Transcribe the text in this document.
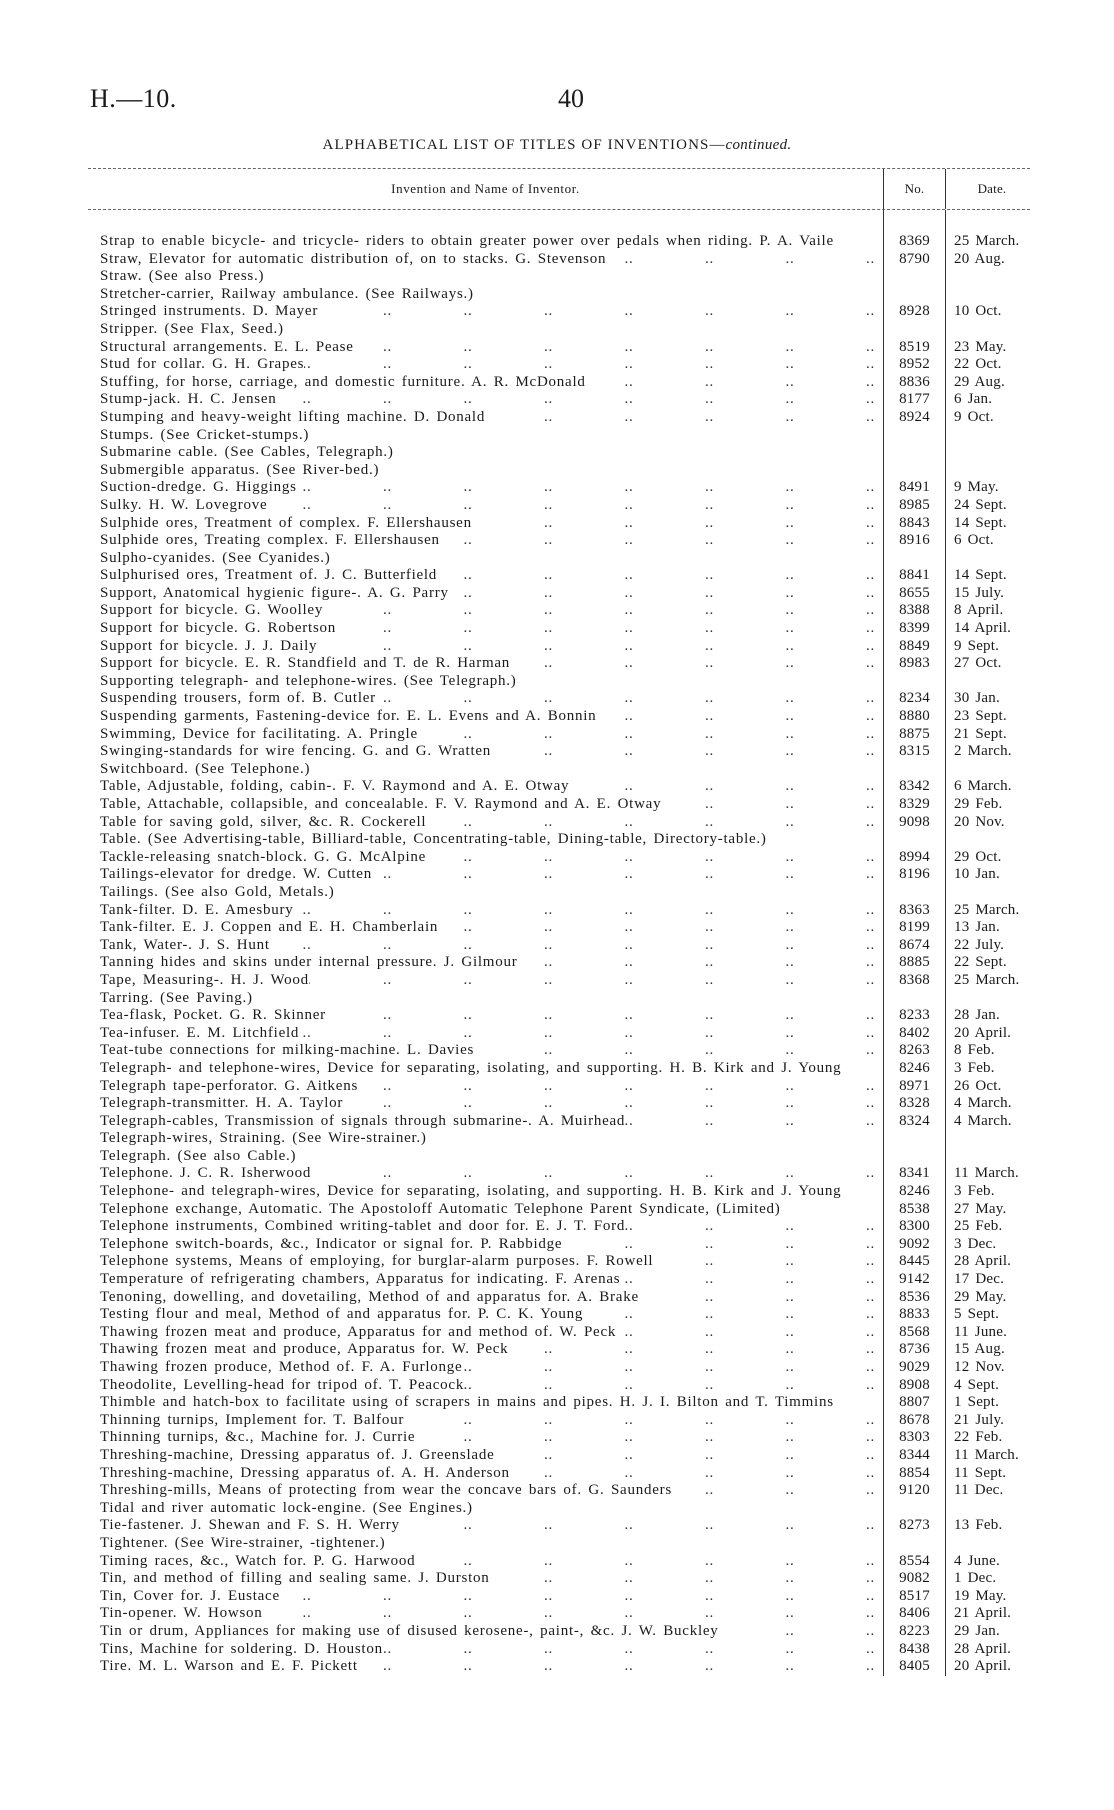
H.—10.	40
ALPHABETICAL LIST OF TITLES OF INVENTIONS—continued.
Invention and Name of Inventor.	No.	Date.
Strap to enable bicycle- and tricycle- riders to obtain greater power over pedals when riding. P. A. Vaile	8369	25 March.
Straw, Elevator for automatic distribution of, on to stacks. G. Stevenson ..	8790	20 Aug.
Straw. (See also Press.)
Stretcher-carrier, Railway ambulance. (See Railways.)
Stringed instruments. D. Mayer ..	8928	10 Oct.
Stripper. (See Flax, Seed.)
Structural arrangements. E. L. Pease ..	8519	23 May.
Stud for collar. G. H. Grapes ..	8952	22 Oct.
Stuffing, for horse, carriage, and domestic furniture. A. R. McDonald ..	8836	29 Aug.
Stump-jack. H. C. Jensen ..	8177	6 Jan.
Stumping and heavy-weight lifting machine. D. Donald ..	8924	9 Oct.
Stumps. (See Cricket-stumps.)
Submarine cable. (See Cables, Telegraph.)
Submergible apparatus. (See River-bed.)
Suction-dredge. G. Higgings ..	8491	9 May.
Sulky. H. W. Lovegrove ..	8985	24 Sept.
Sulphide ores, Treatment of complex. F. Ellershausen ..	8843	14 Sept.
Sulphide ores, Treating complex. F. Ellershausen ..	8916	6 Oct.
Sulpho-cyanides. (See Cyanides.)
Sulphurised ores, Treatment of. J. C. Butterfield ..	8841	14 Sept.
Support, Anatomical hygienic figure-. A. G. Parry ..	8655	15 July.
Support for bicycle. G. Woolley ..	8388	8 April.
Support for bicycle. G. Robertson ..	8399	14 April.
Support for bicycle. J. J. Daily ..	8849	9 Sept.
Support for bicycle. E. R. Standfield and T. de R. Harman ..	8983	27 Oct.
Supporting telegraph- and telephone-wires. (See Telegraph.)
Suspending trousers, form of. B. Cutler ..	8234	30 Jan.
Suspending garments, Fastening-device for. E. L. Evens and A. Bonnin ..	8880	23 Sept.
Swimming, Device for facilitating. A. Pringle ..	8875	21 Sept.
Swinging-standards for wire fencing. G. and G. Wratten ..	8315	2 March.
Switchboard. (See Telephone.)
Table, Adjustable, folding, cabin-. F. V. Raymond and A. E. Otway ..	8342	6 March.
Table, Attachable, collapsible, and concealable. F. V. Raymond and A. E. Otway ..	8329	29 Feb.
Table for saving gold, silver, &c. R. Cockerell ..	9098	20 Nov.
Table. (See Advertising-table, Billiard-table, Concentrating-table, Dining-table, Directory-table.)
Tackle-releasing snatch-block. G. G. McAlpine ..	8994	29 Oct.
Tailings-elevator for dredge. W. Cutten ..	8196	10 Jan.
Tailings. (See also Gold, Metals.)
Tank-filter. D. E. Amesbury ..	8363	25 March.
Tank-filter. E. J. Coppen and E. H. Chamberlain ..	8199	13 Jan.
Tank, Water-. J. S. Hunt ..	8674	22 July.
Tanning hides and skins under internal pressure. J. Gilmour ..	8885	22 Sept.
Tape, Measuring-. H. J. Wood ..	8368	25 March.
Tarring. (See Paving.)
Tea-flask, Pocket. G. R. Skinner ..	8233	28 Jan.
Tea-infuser. E. M. Litchfield ..	8402	20 April.
Teat-tube connections for milking-machine. L. Davies ..	8263	8 Feb.
Telegraph- and telephone-wires, Device for separating, isolating, and supporting. H. B. Kirk and J. Young	8246	3 Feb.
Telegraph tape-perforator. G. Aitkens ..	8971	26 Oct.
Telegraph-transmitter. H. A. Taylor ..	8328	4 March.
Telegraph-cables, Transmission of signals through submarine-. A. Muirhead ..	8324	4 March.
Telegraph-wires, Straining. (See Wire-strainer.)
Telegraph. (See also Cable.)
Telephone. J. C. R. Isherwood ..	8341	11 March.
Telephone- and telegraph-wires, Device for separating, isolating, and supporting. H. B. Kirk and J. Young	8246	3 Feb.
Telephone exchange, Automatic. The Apostoloff Automatic Telephone Parent Syndicate, (Limited)	8538	27 May.
Telephone instruments, Combined writing-tablet and door for. E. J. T. Ford ..	8300	25 Feb.
Telephone switch-boards, &c., Indicator or signal for. P. Rabbidge ..	9092	3 Dec.
Telephone systems, Means of employing, for burglar-alarm purposes. F. Rowell ..	8445	28 April.
Temperature of refrigerating chambers, Apparatus for indicating. F. Arenas ..	9142	17 Dec.
Tenoning, dowelling, and dovetailing, Method of and apparatus for. A. Brake ..	8536	29 May.
Testing flour and meal, Method of and apparatus for. P. C. K. Young ..	8833	5 Sept.
Thawing frozen meat and produce, Apparatus for and method of. W. Peck ..	8568	11 June.
Thawing frozen meat and produce, Apparatus for. W. Peck ..	8736	15 Aug.
Thawing frozen produce, Method of. F. A. Furlonge ..	9029	12 Nov.
Theodolite, Levelling-head for tripod of. T. Peacock ..	8908	4 Sept.
Thimble and hatch-box to facilitate using of scrapers in mains and pipes. H. J. I. Bilton and T. Timmins	8807	1 Sept.
Thinning turnips, Implement for. T. Balfour ..	8678	21 July.
Thinning turnips, &c., Machine for. J. Currie ..	8303	22 Feb.
Threshing-machine, Dressing apparatus of. J. Greenslade ..	8344	11 March.
Threshing-machine, Dressing apparatus of. A. H. Anderson ..	8854	11 Sept.
Threshing-mills, Means of protecting from wear the concave bars of. G. Saunders ..	9120	11 Dec.
Tidal and river automatic lock-engine. (See Engines.)
Tie-fastener. J. Shewan and F. S. H. Werry ..	8273	13 Feb.
Tightener. (See Wire-strainer, -tightener.)
Timing races, &c., Watch for. P. G. Harwood ..	8554	4 June.
Tin, and method of filling and sealing same. J. Durston ..	9082	1 Dec.
Tin, Cover for. J. Eustace ..	8517	19 May.
Tin-opener. W. Howson ..	8406	21 April.
Tin or drum, Appliances for making use of disused kerosene-, paint-, &c. J. W. Buckley ..	8223	29 Jan.
Tins, Machine for soldering. D. Houston ..	8438	28 April.
Tire. M. L. Warson and E. F. Pickett ..	8405	20 April.
